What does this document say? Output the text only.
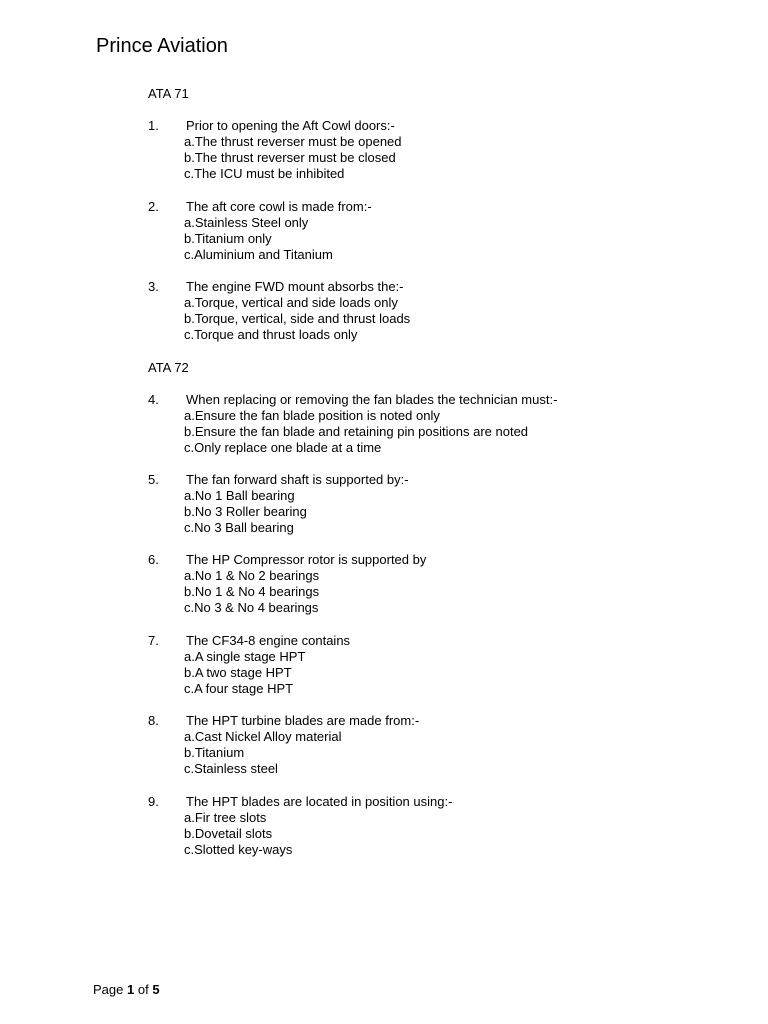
Prince Aviation
ATA 71
1. Prior to opening the Aft Cowl doors:-
a.The thrust reverser must be opened
b.The thrust reverser must be closed
c.The ICU must be inhibited
2. The aft core cowl is made from:-
a.Stainless Steel only
b.Titanium only
c.Aluminium and Titanium
3. The engine FWD mount absorbs the:-
a.Torque, vertical and side loads only
b.Torque, vertical, side and thrust loads
c.Torque and thrust loads only
ATA 72
4. When replacing or removing the fan blades the technician must:-
a.Ensure the fan blade position is noted only
b.Ensure the fan blade and retaining pin positions are noted
c.Only replace one blade at a time
5. The fan forward shaft is supported by:-
a.No 1 Ball bearing
b.No 3 Roller bearing
c.No 3 Ball bearing
6. The HP Compressor rotor is supported by
a.No 1 & No 2 bearings
b.No 1 & No 4 bearings
c.No 3 & No 4 bearings
7. The CF34-8 engine contains
a.A single stage HPT
b.A two stage HPT
c.A four stage HPT
8. The HPT turbine blades are made from:-
a.Cast Nickel Alloy material
b.Titanium
c.Stainless steel
9. The HPT blades are located in position using:-
a.Fir tree slots
b.Dovetail slots
c.Slotted key-ways
Page 1 of 5
